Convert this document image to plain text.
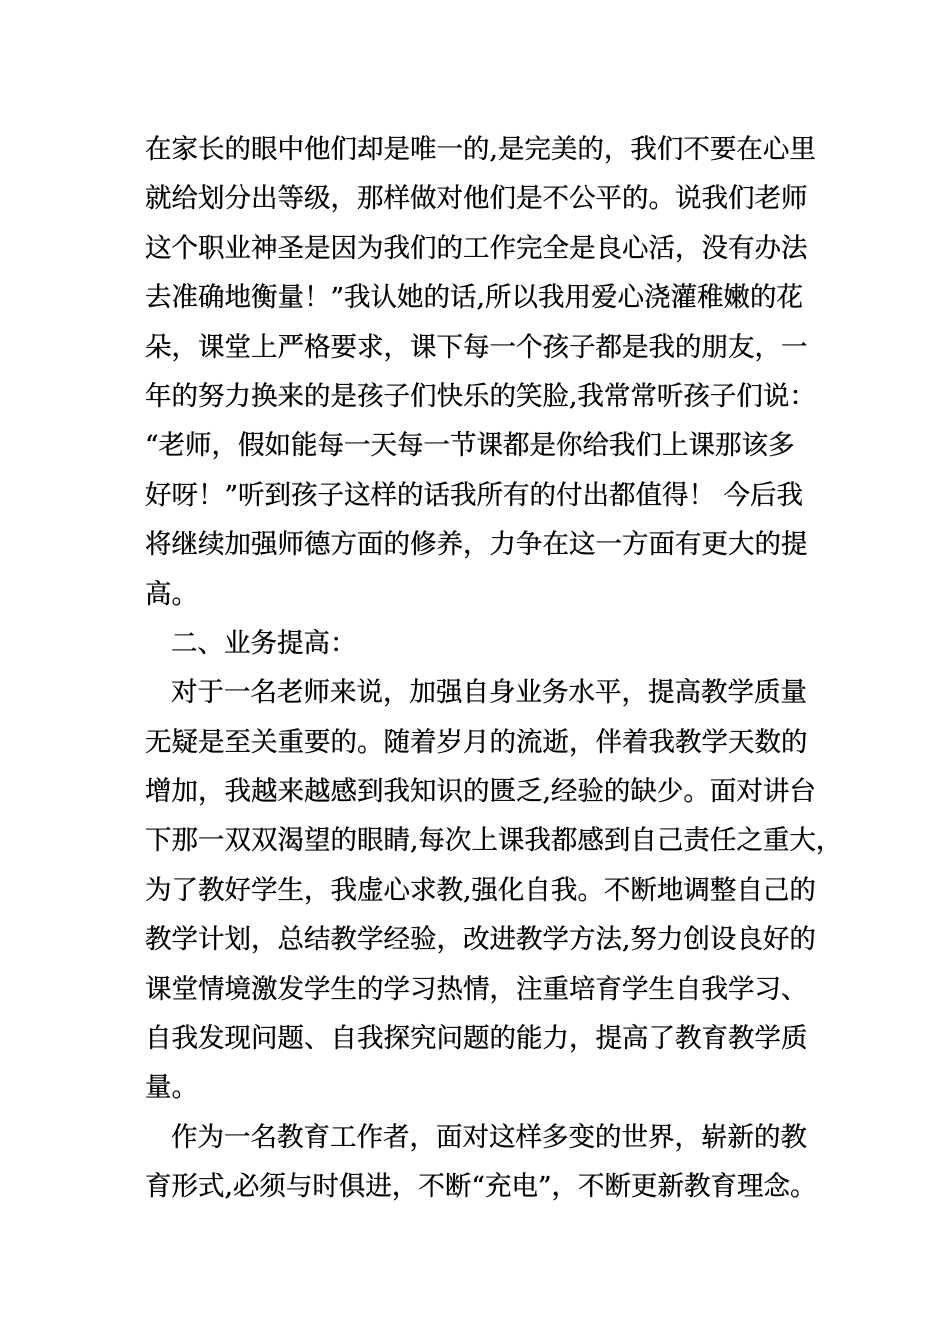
在家长的眼中他们却是唯一的,是完美的，我们不要在心里
就给划分出等级，那样做对他们是不公平的。说我们老师
这个职业神圣是因为我们的工作完全是良心活，没有办法
去准确地衡量！”我认她的话,所以我用爱心浇灌稚嫩的花
朵，课堂上严格要求，课下每一个孩子都是我的朋友，一
年的努力换来的是孩子们快乐的笑脸,我常常听孩子们说：
“老师，假如能每一天每一节课都是你给我们上课那该多
好呀！”听到孩子这样的话我所有的付出都值得！ 今后我
将继续加强师德方面的修养，力争在这一方面有更大的提
高。
二、业务提高：
对于一名老师来说，加强自身业务水平，提高教学质量
无疑是至关重要的。随着岁月的流逝，伴着我教学天数的
增加，我越来越感到我知识的匮乏,经验的缺少。面对讲台
下那一双双渴望的眼睛,每次上课我都感到自己责任之重大，
为了教好学生，我虚心求教,强化自我。不断地调整自己的
教学计划，总结教学经验，改进教学方法,努力创设良好的
课堂情境激发学生的学习热情，注重培育学生自我学习、
自我发现问题、自我探究问题的能力，提高了教育教学质
量。
作为一名教育工作者，面对这样多变的世界，崭新的教
育形式,必须与时俱进，不断“充电”，不断更新教育理念。
